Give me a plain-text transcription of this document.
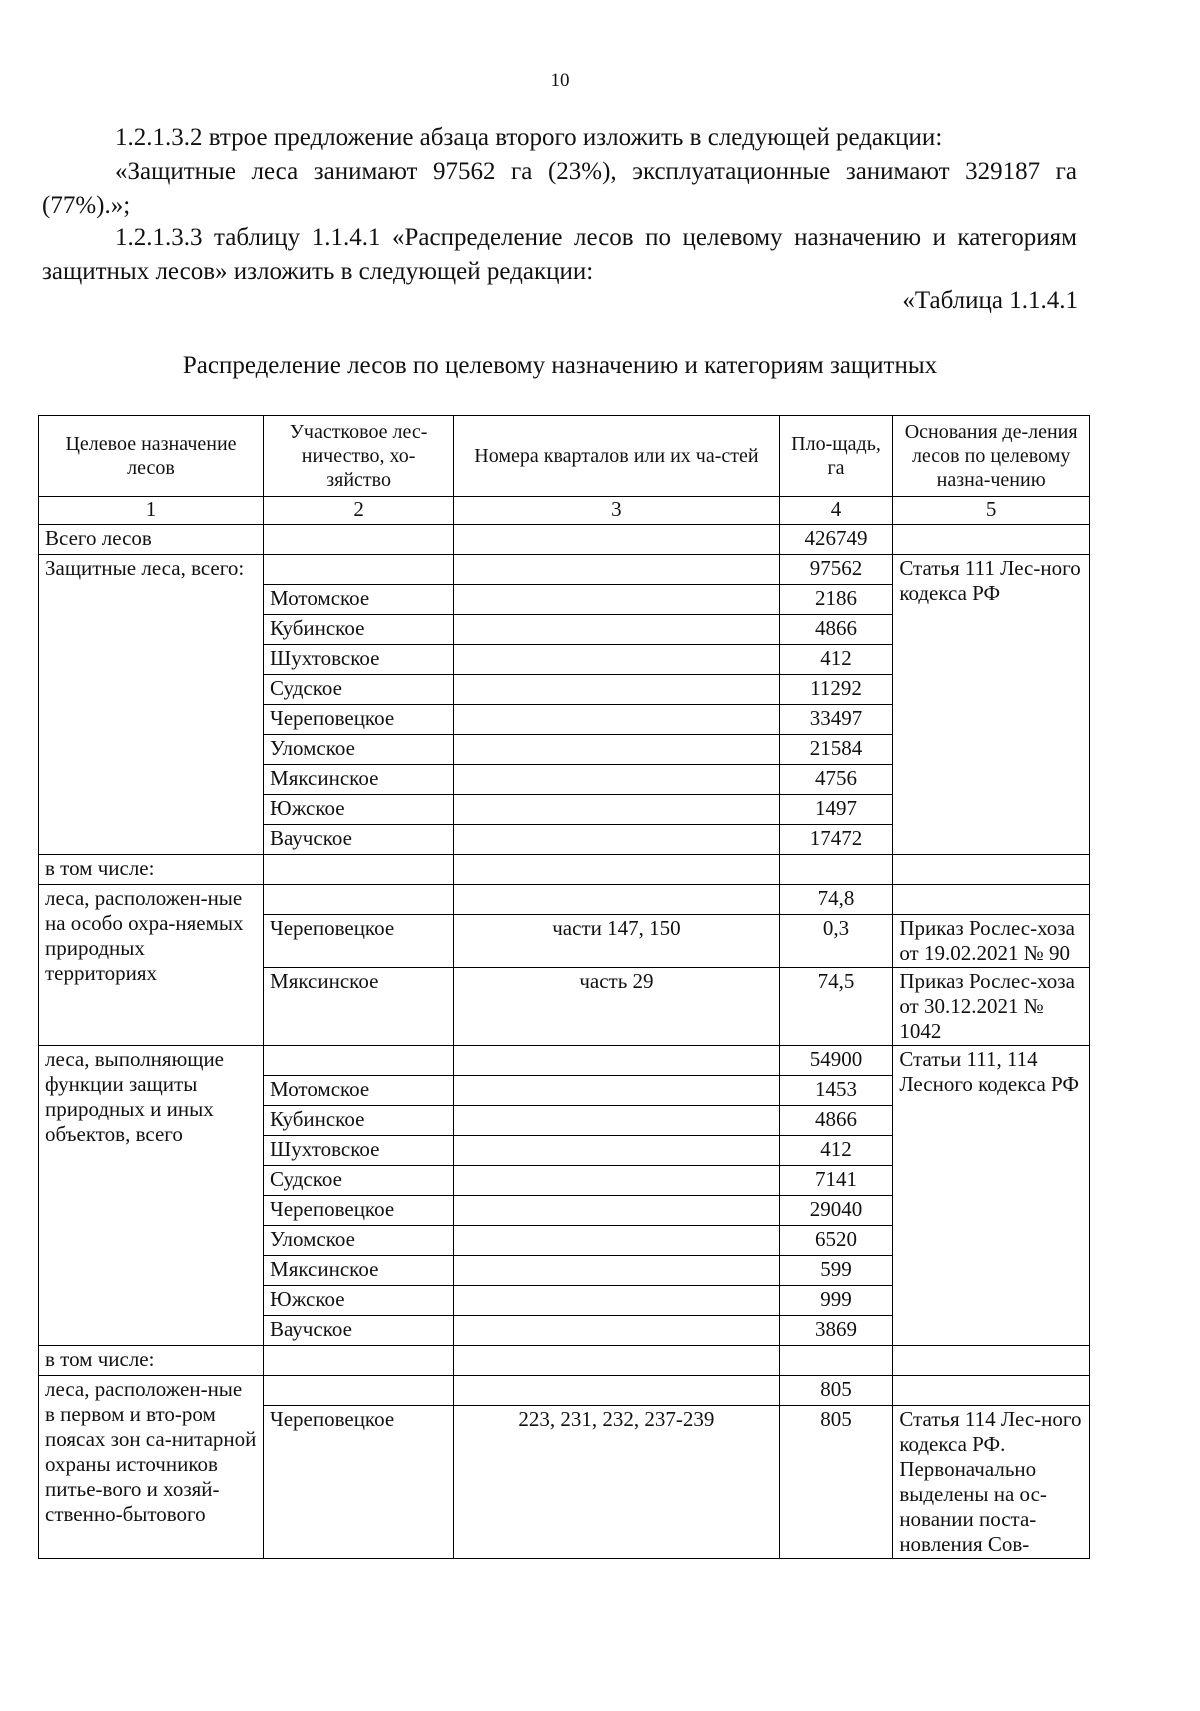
10
1.2.1.3.2 втрое предложение абзаца второго изложить в следующей редакции:
«Защитные леса занимают 97562 га (23%), эксплуатационные занимают 329187 га (77%).»;
1.2.1.3.3 таблицу 1.1.4.1 «Распределение лесов по целевому назначению и категориям защитных лесов» изложить в следующей редакции:
«Таблица 1.1.4.1
Распределение лесов по целевому назначению и категориям защитных
Целевое назначение лесов	Участковое лес-ничество, хо-зяйство	Номера кварталов или их ча-стей	Пло-щадь, га	Основания де-ления лесов по целевому назна-чению
1	2	3	4	5
Всего лесов			426749	
Защитные леса, всего:			97562	Статья 111 Лес-ного кодекса РФ
	Мотомское		2186	
	Кубинское		4866	
	Шухтовское		412	
	Судское		11292	
	Череповецкое		33497	
	Уломское		21584	
	Мяксинское		4756	
	Южское		1497	
	Ваучское		17472	
в том числе:				
леса, расположен-ные на особо охра-няемых природных территориях			74,8	
	Череповецкое	части 147, 150	0,3	Приказ Рослес-хоза от 19.02.2021 № 90
	Мяксинское	часть 29	74,5	Приказ Рослес-хоза от 30.12.2021 № 1042
леса, выполняющие функции защиты природных и иных объектов, всего			54900	Статьи 111, 114 Лесного кодекса РФ
	Мотомское		1453	
	Кубинское		4866	
	Шухтовское		412	
	Судское		7141	
	Череповецкое		29040	
	Уломское		6520	
	Мяксинское		599	
	Южское		999	
	Ваучское		3869	
в том числе:				
леса, расположен-ные в первом и вто-ром поясах зон са-нитарной охраны источников питье-вого и хозяй-ственно-бытового			805	
	Череповецкое	223, 231, 232, 237-239	805	Статья 114 Лес-ного кодекса РФ. Первоначально выделены на ос-новании поста-новления Сов-
